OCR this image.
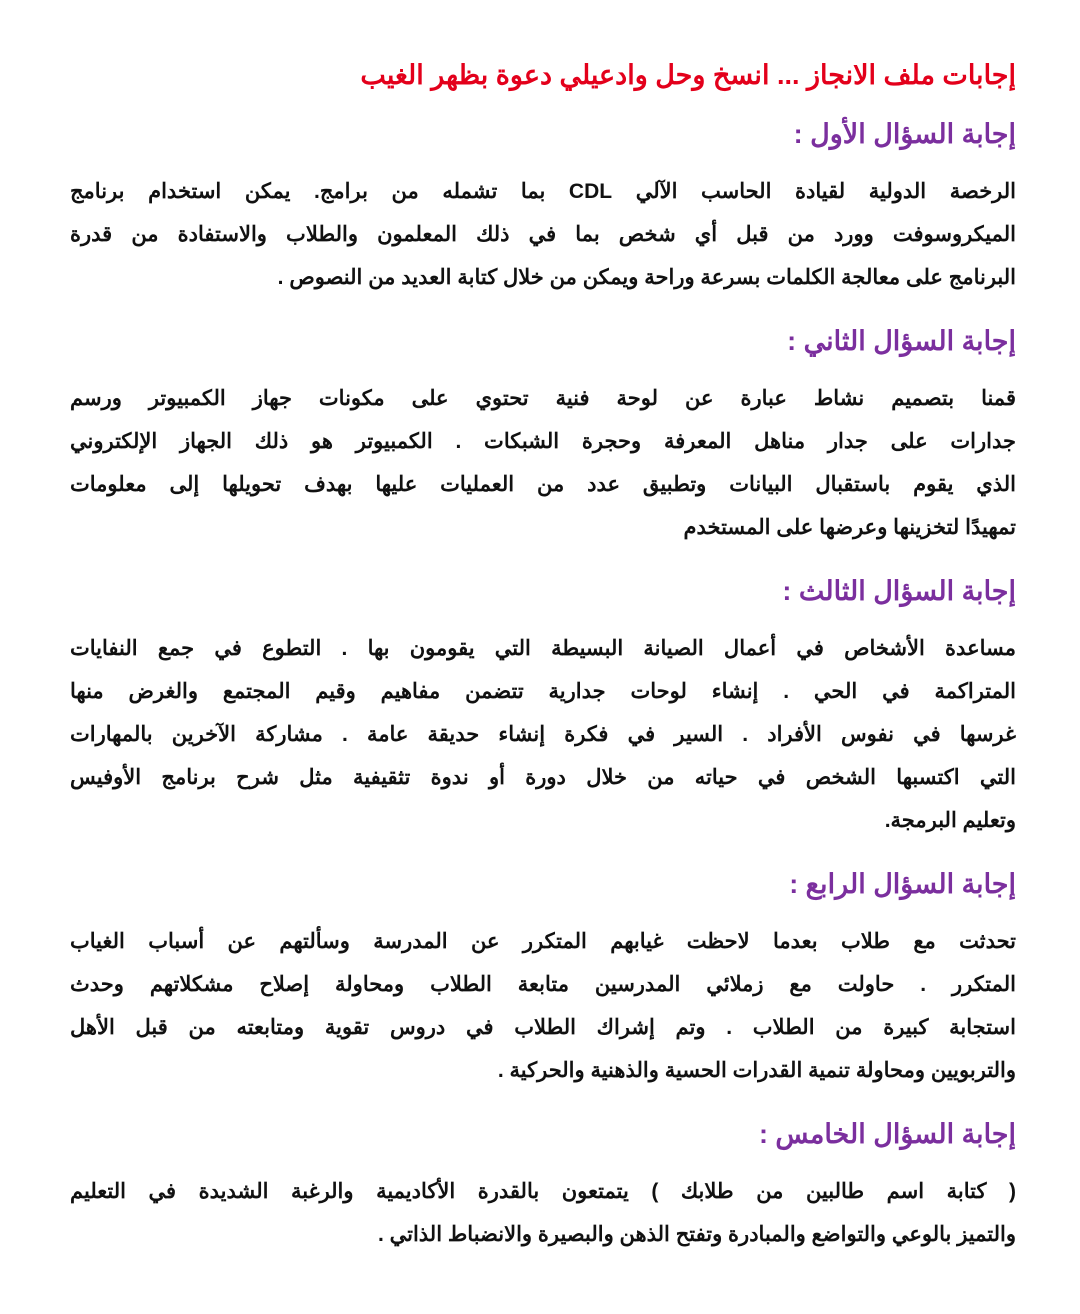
إجابات ملف الانجاز ... انسخ وحل وادعيلي دعوة بظهر الغيب
إجابة السؤال الأول :
الرخصة الدولية لقيادة الحاسب الآلي CDL بما تشمله من برامج. يمكن استخدام برنامج
الميكروسوفت وورد من قبل أي شخص بما في ذلك المعلمون والطلاب والاستفادة من قدرة
البرنامج على معالجة الكلمات بسرعة وراحة ويمكن من خلال كتابة العديد من النصوص .
إجابة السؤال الثاني :
قمنا بتصميم نشاط عبارة عن لوحة فنية تحتوي على مكونات جهاز الكمبيوتر ورسم
جدارات على جدار مناهل المعرفة وحجرة الشبكات . الكمبيوتر هو ذلك الجهاز الإلكتروني
الذي يقوم باستقبال البيانات وتطبيق عدد من العمليات عليها بهدف تحويلها إلى معلومات
تمهيدًا لتخزينها وعرضها على المستخدم
إجابة السؤال الثالث :
مساعدة الأشخاص في أعمال الصيانة البسيطة التي يقومون بها . التطوع في جمع النفايات
المتراكمة في الحي . إنشاء لوحات جدارية تتضمن مفاهيم وقيم المجتمع والغرض منها
غرسها في نفوس الأفراد . السير في فكرة إنشاء حديقة عامة . مشاركة الآخرين بالمهارات
التي اكتسبها الشخص في حياته من خلال دورة أو ندوة تثقيفية مثل شرح برنامج الأوفيس
وتعليم البرمجة.
إجابة السؤال الرابع :
تحدثت مع طلاب بعدما لاحظت غيابهم المتكرر عن المدرسة وسألتهم عن أسباب الغياب
المتكرر . حاولت مع زملائي المدرسين متابعة الطلاب ومحاولة إصلاح مشكلاتهم وحدث
استجابة كبيرة من الطلاب . وتم إشراك الطلاب في دروس تقوية ومتابعته من قبل الأهل
والتربويين ومحاولة تنمية القدرات الحسية والذهنية والحركية .
إجابة السؤال الخامس :
( كتابة اسم طالبين من طلابك ) يتمتعون بالقدرة الأكاديمية والرغبة الشديدة في التعليم
والتميز بالوعي والتواضع والمبادرة وتفتح الذهن والبصيرة والانضباط الذاتي .
